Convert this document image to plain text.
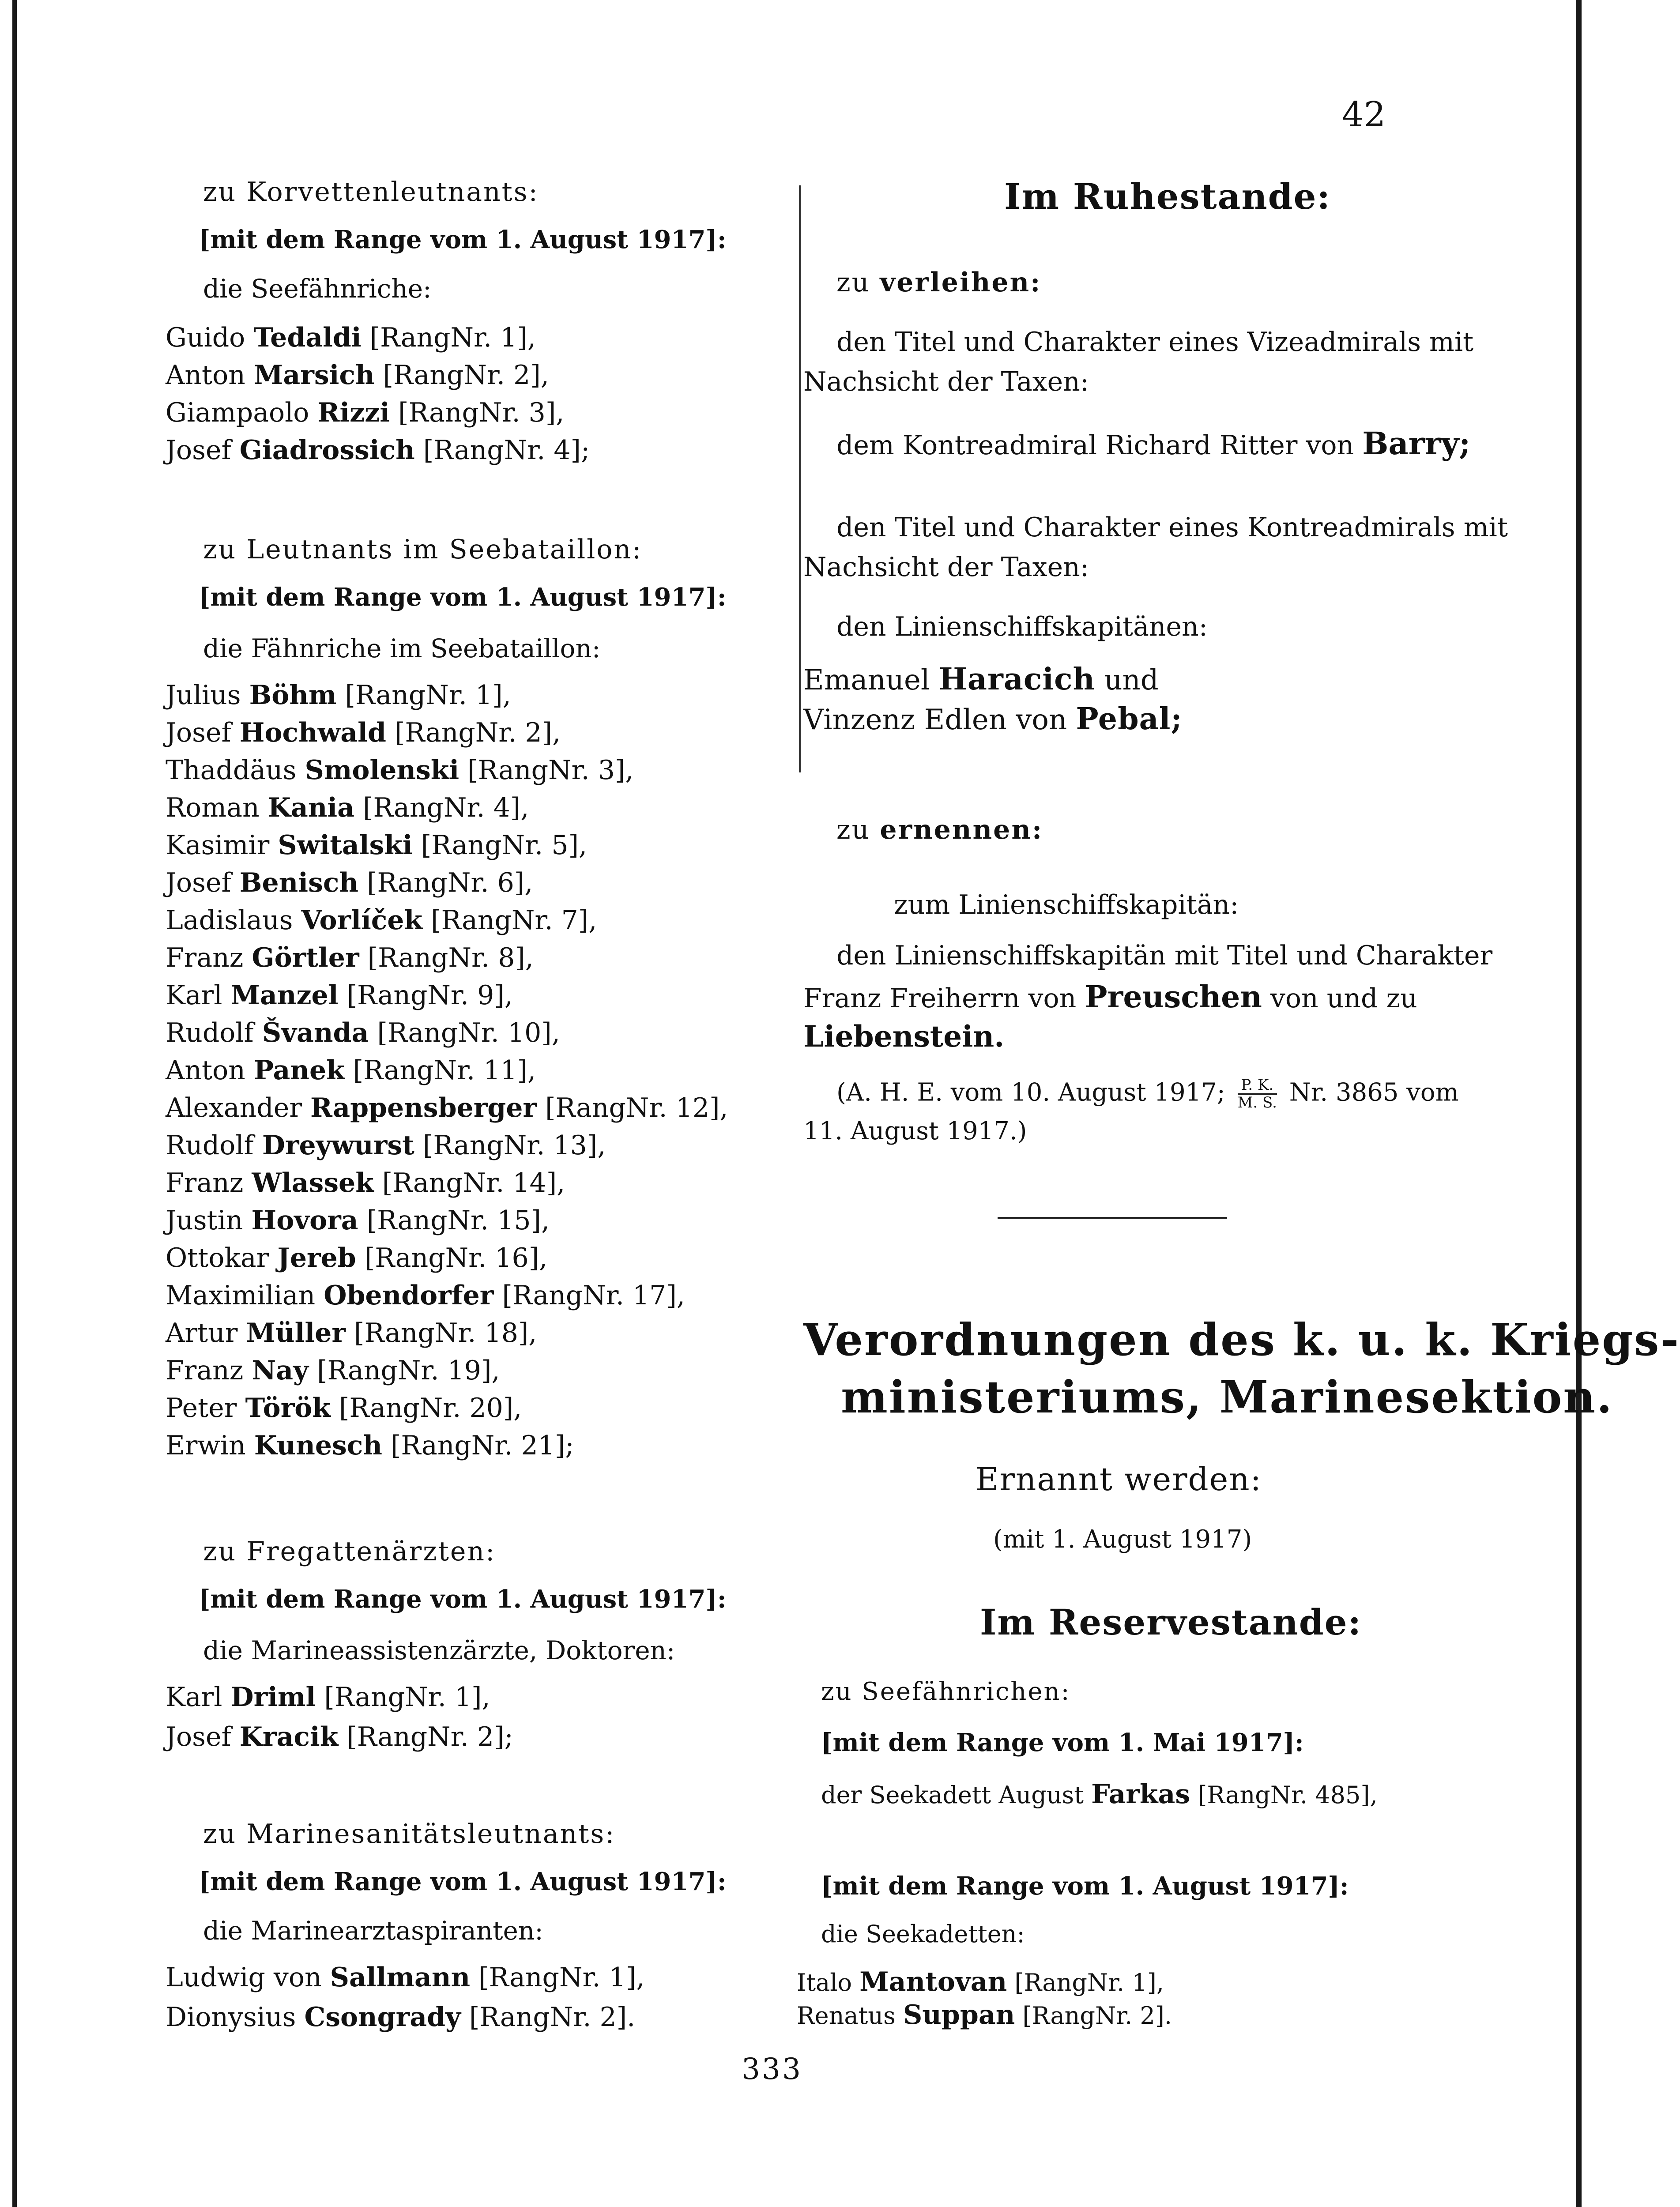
42
zu Korvettenleutnants:
[mit dem Range vom 1. August 1917]:
die Seefähnriche:
Guido Tedaldi [RangNr. 1],
Anton Marsich [RangNr. 2],
Giampaolo Rizzi [RangNr. 3],
Josef Giadrossich [RangNr. 4];
zu Leutnants im Seebataillon:
[mit dem Range vom 1. August 1917]:
die Fähnriche im Seebataillon:
Julius Böhm [RangNr. 1],
Josef Hochwald [RangNr. 2],
Thaddäus Smolenski [RangNr. 3],
Roman Kania [RangNr. 4],
Kasimir Switalski [RangNr. 5],
Josef Benisch [RangNr. 6],
Ladislaus Vorlíček [RangNr. 7],
Franz Görtler [RangNr. 8],
Karl Manzel [RangNr. 9],
Rudolf Švanda [RangNr. 10],
Anton Panek [RangNr. 11],
Alexander Rappensberger [RangNr. 12],
Rudolf Dreywurst [RangNr. 13],
Franz Wlassek [RangNr. 14],
Justin Hovora [RangNr. 15],
Ottokar Jereb [RangNr. 16],
Maximilian Obendorfer [RangNr. 17],
Artur Müller [RangNr. 18],
Franz Nay [RangNr. 19],
Peter Török [RangNr. 20],
Erwin Kunesch [RangNr. 21];
zu Fregattenärzten:
[mit dem Range vom 1. August 1917]:
die Marineassistenzärzte, Doktoren:
Karl Driml [RangNr. 1],
Josef Kracik [RangNr. 2];
zu Marinesanitätsleutnants:
[mit dem Range vom 1. August 1917]:
die Marinearztaspiranten:
Ludwig von Sallmann [RangNr. 1],
Dionysius Csongrady [RangNr. 2].
Im Ruhestande:
zu verleihen:
den Titel und Charakter eines Vizeadmirals mit
Nachsicht der Taxen:
dem Kontreadmiral Richard Ritter von Barry;
den Titel und Charakter eines Kontreadmirals mit
Nachsicht der Taxen:
den Linienschiffskapitänen:
Emanuel Haracich und
Vinzenz Edlen von Pebal;
zu ernennen:
zum Linienschiffskapitän:
den Linienschiffskapitän mit Titel und Charakter
Franz Freiherrn von Preuschen von und zu
Liebenstein.
(A. H. E. vom 10. August 1917; $\frac{P. K.}{M. S.} Nr$. 3865 vom
11. August 1917.)
Verordnungen des k. u. k. Kriegs-
ministeriums, Marinesektion.
Ernannt werden:
(mit 1. August 1917)
Im Reservestande:
zu Seefähnrichen:
[mit dem Range vom 1. Mai 1917]:
der Seekadett August Farkas [RangNr. 485],
[mit dem Range vom 1. August 1917]:
die Seekadetten:
Italo Mantovan [RangNr. 1],
Renatus Suppan [RangNr. 2].
333
